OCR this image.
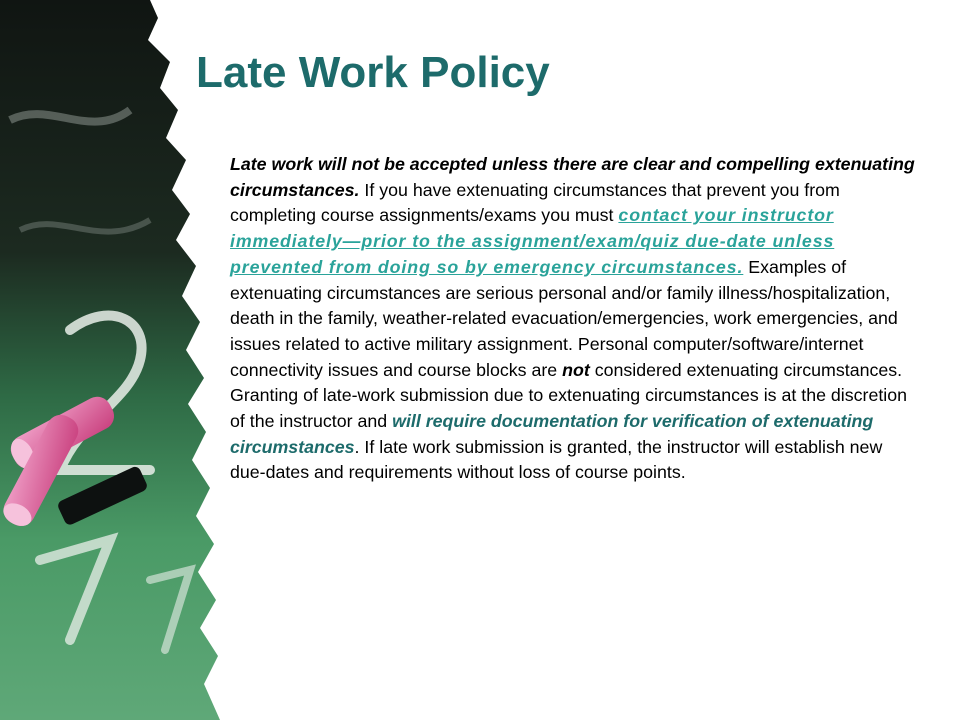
Late Work Policy

Late work will not be accepted unless there are clear and compelling extenuating circumstances. If you have extenuating circumstances that prevent you from completing course assignments/exams you must contact your instructor immediately—prior to the assignment/exam/quiz due-date unless prevented from doing so by emergency circumstances. Examples of extenuating circumstances are serious personal and/or family illness/hospitalization, death in the family, weather-related evacuation/emergencies, work emergencies, and issues related to active military assignment. Personal computer/software/internet connectivity issues and course blocks are not considered extenuating circumstances. Granting of late-work submission due to extenuating circumstances is at the discretion of the instructor and will require documentation for verification of extenuating circumstances. If late work submission is granted, the instructor will establish new due-dates and requirements without loss of course points.
